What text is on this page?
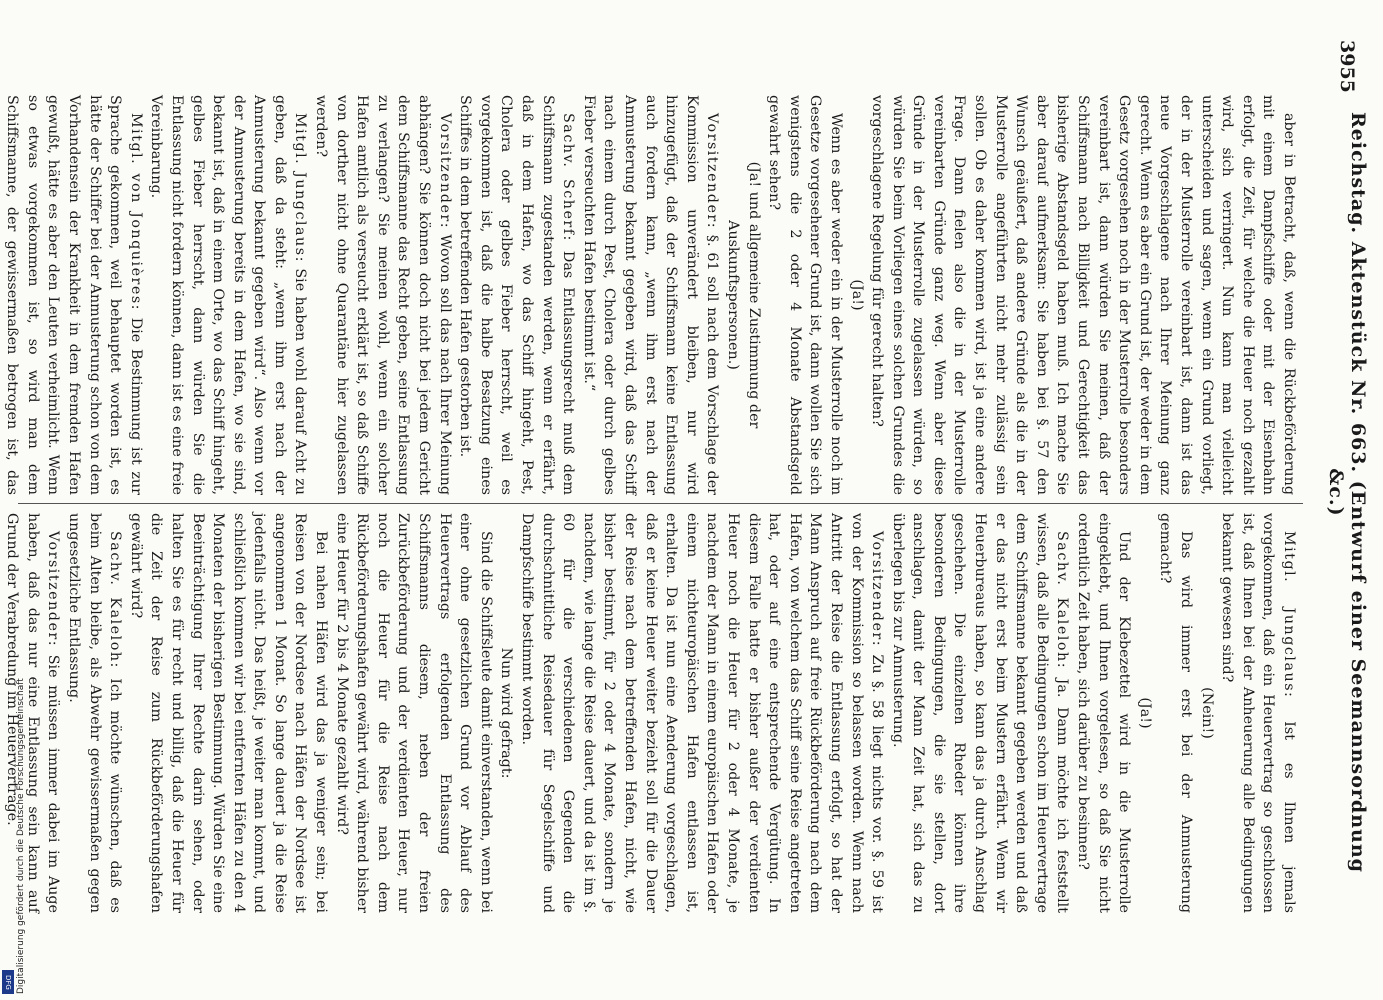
3955
Reichstag. Aktenstück Nr. 663. (Entwurf einer Seemannsordnung &c.)

aber in Betracht, daß, wenn die Rückbeförderung mit einem Dampfschiffe oder mit der Eisenbahn erfolgt, die Zeit, für welche die Heuer noch gezahlt wird, sich verringert. Nun kann man vielleicht unterscheiden und sagen, wenn ein Grund vorliegt, der in der Musterrolle vereinbart ist, dann ist das neue Vorgeschlagene nach Ihrer Meinung ganz gerecht. Wenn es aber ein Grund ist, der weder in dem Gesetz vorgesehen noch in der Musterrolle besonders vereinbart ist, dann würden Sie meinen, daß der Schiffsmann nach Billigkeit und Gerechtigkeit das bisherige Abstandsgeld haben muß. Ich mache Sie aber darauf aufmerksam: Sie haben bei §. 57 den Wunsch geäußert, daß andere Gründe als die in der Musterrolle angeführten nicht mehr zulässig sein sollen. Ob es daher kommen wird, ist ja eine andere Frage. Dann fielen also die in der Musterrolle vereinbarten Gründe ganz weg. Wenn aber diese Gründe in der Musterrolle zugelassen würden, so würden Sie beim Vorliegen eines solchen Grundes die vorgeschlagene Regelung für gerecht halten?

(Ja!)

Wenn es aber weder ein in der Musterrolle noch im Gesetze vorgesehener Grund ist, dann wollen Sie sich wenigstens die 2 oder 4 Monate Abstandsgeld gewahrt sehen?

(Ja! und allgemeine Zustimmung der Auskunftspersonen.)

Vorsitzender: §. 61 soll nach dem Vorschlage der Kommission unverändert bleiben, nur wird hinzugefügt, daß der Schiffsmann keine Entlassung auch fordern kann, „wenn ihm erst nach der Anmusterung bekannt gegeben wird, daß das Schiff nach einem durch Pest, Cholera oder durch gelbes Fieber verseuchten Hafen bestimmt ist.“

Sachv. Scherf: Das Entlassungsrecht muß dem Schiffsmann zugestanden werden, wenn er erfährt, daß in dem Hafen, wo das Schiff hingeht, Pest, Cholera oder gelbes Fieber herrscht, weil es vorgekommen ist, daß die halbe Besatzung eines Schiffes in dem betreffenden Hafen gestorben ist.

Vorsitzender: Wovon soll das nach Ihrer Meinung abhängen? Sie können doch nicht bei jedem Gericht dem Schiffsmanne das Recht geben, seine Entlassung zu verlangen? Sie meinen wohl, wenn ein solcher Hafen amtlich als verseucht erklärt ist, so daß Schiffe von dorther nicht ohne Quarantäne hier zugelassen werden?

Mitgl. Jungclaus: Sie haben wohl darauf Acht zu geben, daß da steht: „wenn ihm erst nach der Anmusterung bekannt gegeben wird“. Also wenn vor der Anmusterung bereits in dem Hafen, wo sie sind, bekannt ist, daß in einem Orte, wo das Schiff hingeht, gelbes Fieber herrscht, dann würden Sie die Entlassung nicht fordern können, dann ist es eine freie Vereinbarung.

Mitgl. von Jonquières: Die Bestimmung ist zur Sprache gekommen, weil behauptet worden ist, es hätte der Schiffer bei der Anmusterung schon von dem Vorhandensein der Krankheit in dem fremden Hafen gewußt, hätte es aber den Leuten verheimlicht. Wenn so etwas vorgekommen ist, so wird man dem Schiffsmanne, der gewissermaßen betrogen ist, das

Mitgl. Jungclaus: Ist es Ihnen jemals vorgekommen, daß ein Heuervertrag so geschlossen ist, daß Ihnen bei der Anheuerung alle Bedingungen bekannt gewesen sind?

(Nein!)

Das wird immer erst bei der Anmusterung gemacht?

(Ja!)

Und der Klebezettel wird in die Musterrolle eingeklebt, und Ihnen vorgelesen, so daß Sie nicht ordentlich Zeit haben, sich darüber zu besinnen?

Sachv. Kaleloh: Ja. Dann möchte ich feststellt wissen, daß alle Bedingungen schon im Heuervertrage dem Schiffsmanne bekannt gegeben werden und daß er das nicht erst beim Mustern erfährt. Wenn wir Heuerbureaus haben, so kann das ja durch Anschlag geschehen. Die einzelnen Rheder können ihre besonderen Bedingungen, die sie stellen, dort anschlagen, damit der Mann Zeit hat, sich das zu überlegen bis zur Anmusterung.

Vorsitzender: Zu §. 58 liegt nichts vor. §. 59 ist von der Kommission so belassen worden. Wenn nach Antritt der Reise die Entlassung erfolgt, so hat der Mann Anspruch auf freie Rückbeförderung nach dem Hafen, von welchem das Schiff seine Reise angetreten hat, oder auf eine entsprechende Vergütung. In diesem Falle hatte er bisher außer der verdienten Heuer noch die Heuer für 2 oder 4 Monate, je nachdem der Mann in einem europäischen Hafen oder einem nichteuropäischen Hafen entlassen ist, erhalten. Da ist nun eine Aenderung vorgeschlagen, daß er keine Heuer weiter bezieht soll für die Dauer der Reise nach dem betreffenden Hafen, nicht, wie bisher bestimmt, für 2 oder 4 Monate, sondern je nachdem, wie lange die Reise dauert, und da ist im §. 60 für die verschiedenen Gegenden die durchschnittliche Reisedauer für Segelschiffe und Dampfschiffe bestimmt worden.

Nun wird gefragt:

Sind die Schiffsleute damit einverstanden, wenn bei einer ohne gesetzlichen Grund vor Ablauf des Heuervertrags erfolgenden Entlassung des Schiffsmanns diesem, neben der freien Zurückbeförderung und der verdienten Heuer, nur noch die Heuer für die Reise nach dem Rückbeförderungshafen gewährt wird, während bisher eine Heuer für 2 bis 4 Monate gezahlt wird?

Bei nahen Häfen wird das ja weniger sein; bei Reisen von der Nordsee nach Häfen der Nordsee ist angenommen 1 Monat. So lange dauert ja die Reise jedenfalls nicht. Das heißt, je weiter man kommt, und schließlich kommen wir bei entfernten Häfen zu den 4 Monaten der bisherigen Bestimmung. Würden Sie eine Beeinträchtigung Ihrer Rechte darin sehen, oder halten Sie es für recht und billig, daß die Heuer für die Zeit der Reise zum Rückbeförderungshafen gewährt wird?

Sachv. Kaleloh: Ich möchte wünschen, daß es beim Alten bleibe, als Abwehr gewissermaßen gegen ungesetzliche Entlassung.

Vorsitzender: Sie müssen immer dabei im Auge haben, daß das nur eine Entlassung sein kann auf Grund der Verabredung im Heuervertrage.

Digitalisierung gefördert durch die Deutsche Forschungsgemeinschaft
DFG
